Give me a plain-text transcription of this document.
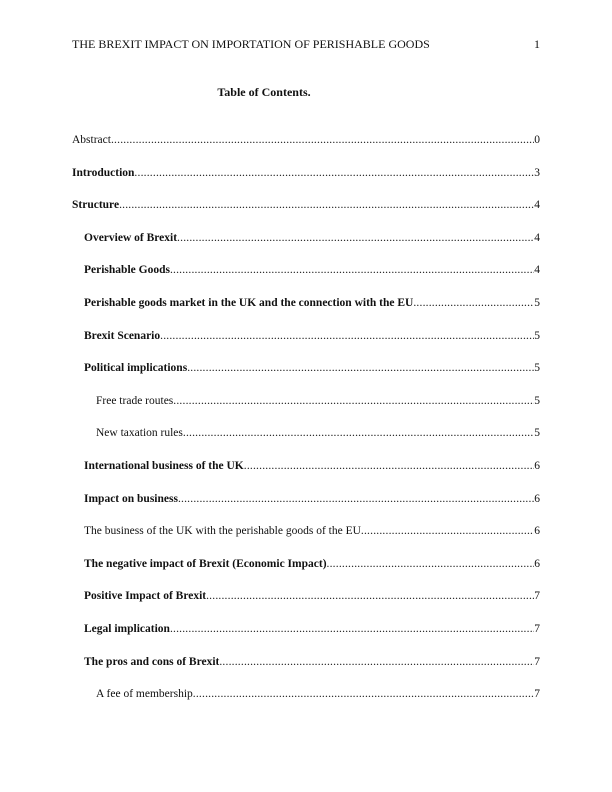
THE BREXIT IMPACT ON IMPORTATION OF PERISHABLE GOODS	1
Table of Contents.
Abstract .....	0
Introduction .....	3
Structure .....	4
Overview of Brexit .....	4
Perishable Goods .....	4
Perishable goods market in the UK and the connection with the EU .....	5
Brexit Scenario .....	5
Political implications .....	5
Free trade routes .....	5
New taxation rules .....	5
International business of the UK .....	6
Impact on business .....	6
The business of the UK with the perishable goods of the EU .....	6
The negative impact of Brexit (Economic Impact) .....	6
Positive Impact of Brexit .....	7
Legal implication .....	7
The pros and cons of Brexit .....	7
A fee of membership .....	7
